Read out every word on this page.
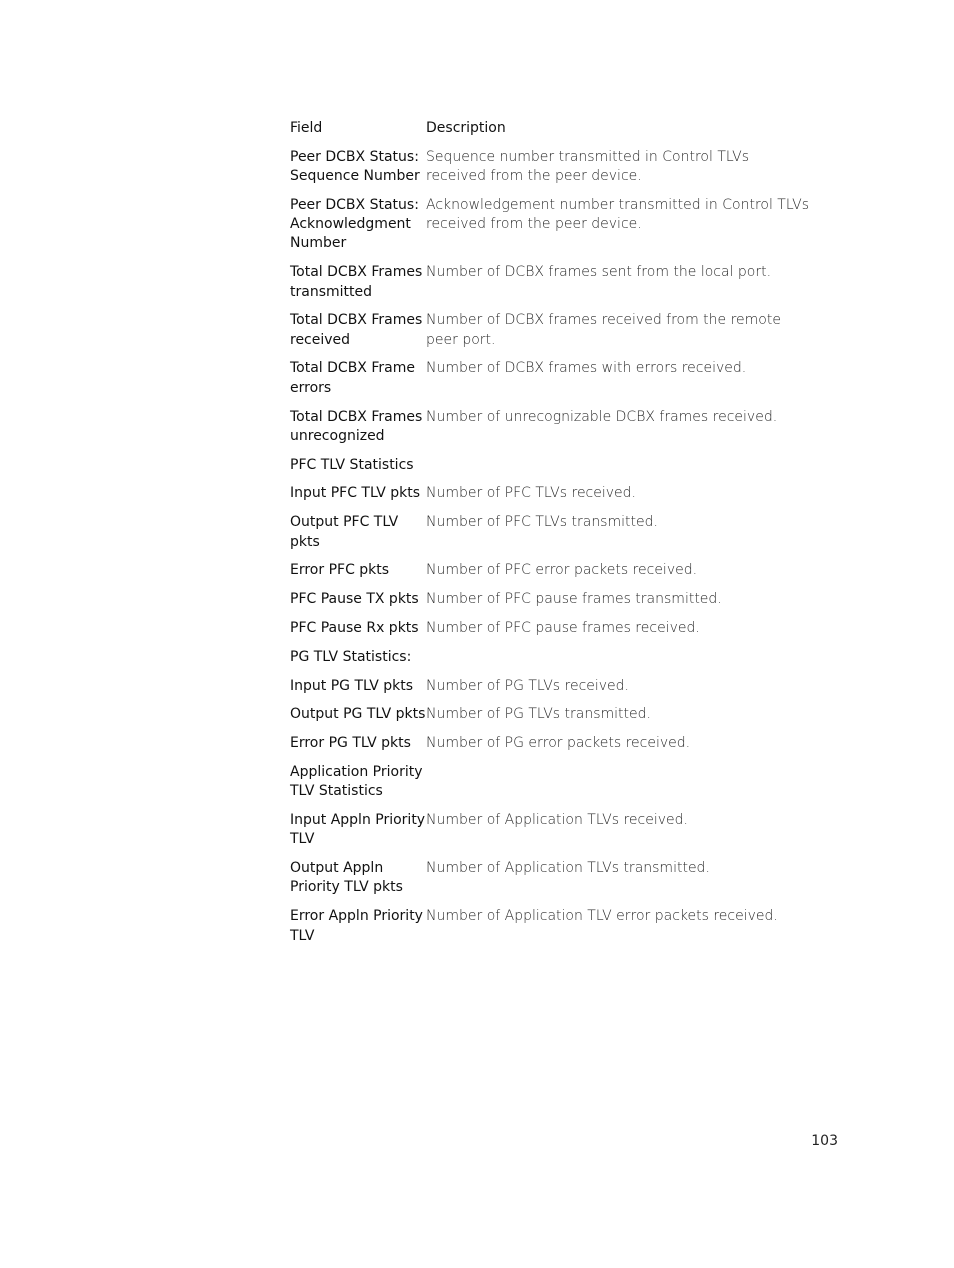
Field	Description
Peer DCBX Status: Sequence Number	Sequence number transmitted in Control TLVs received from the peer device.
Peer DCBX Status: Acknowledgment Number	Acknowledgement number transmitted in Control TLVs received from the peer device.
Total DCBX Frames transmitted	Number of DCBX frames sent from the local port.
Total DCBX Frames received	Number of DCBX frames received from the remote peer port.
Total DCBX Frame errors	Number of DCBX frames with errors received.
Total DCBX Frames unrecognized	Number of unrecognizable DCBX frames received.
PFC TLV Statistics	
Input PFC TLV pkts	Number of PFC TLVs received.
Output PFC TLV pkts	Number of PFC TLVs transmitted.
Error PFC pkts	Number of PFC error packets received.
PFC Pause TX pkts	Number of PFC pause frames transmitted.
PFC Pause Rx pkts	Number of PFC pause frames received.
PG TLV Statistics:	
Input PG TLV pkts	Number of PG TLVs received.
Output PG TLV pkts	Number of PG TLVs transmitted.
Error PG TLV pkts	Number of PG error packets received.
Application Priority TLV Statistics	
Input Appln Priority TLV	Number of Application TLVs received.
Output Appln Priority TLV pkts	Number of Application TLVs transmitted.
Error Appln Priority TLV	Number of Application TLV error packets received.
103
